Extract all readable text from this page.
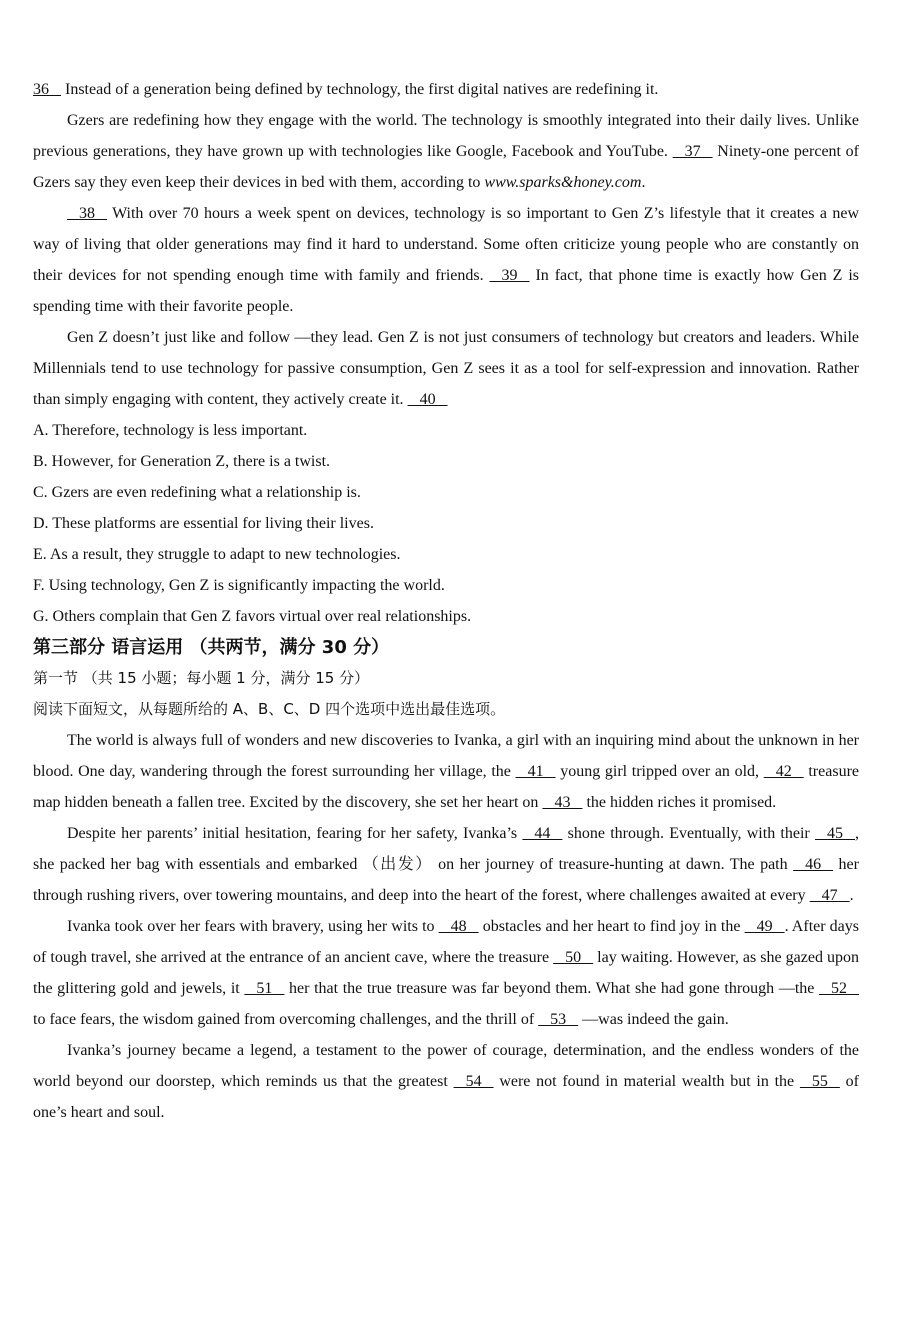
36    Instead of a generation being defined by technology, the first digital natives are redefining it.

Gzers are redefining how they engage with the world. The technology is smoothly integrated into their daily lives. Unlike previous generations, they have grown up with technologies like Google, Facebook and YouTube.    37    Ninety-one percent of Gzers say they even keep their devices in bed with them, according to www.sparks&honey.com.

38    With over 70 hours a week spent on devices, technology is so important to Gen Z’s lifestyle that it creates a new way of living that older generations may find it hard to understand. Some often criticize young people who are constantly on their devices for not spending enough time with family and friends.    39    In fact, that phone time is exactly how Gen Z is spending time with their favorite people.

Gen Z doesn’t just like and follow —they lead. Gen Z is not just consumers of technology but creators and leaders. While Millennials tend to use technology for passive consumption, Gen Z sees it as a tool for self-expression and innovation. Rather than simply engaging with content, they actively create it.    40

A. Therefore, technology is less important.
B. However, for Generation Z, there is a twist.
C. Gzers are even redefining what a relationship is.
D. These platforms are essential for living their lives.
E. As a result, they struggle to adapt to new technologies.
F. Using technology, Gen Z is significantly impacting the world.
G. Others complain that Gen Z favors virtual over real relationships.
第三部分 语言运用 （共两节，满分 30 分）
第一节 （共 15 小题；每小题 1 分，满分 15 分）
阅读下面短文，从每题所给的 A、B、C、D 四个选项中选出最佳选项。

The world is always full of wonders and new discoveries to Ivanka, a girl with an inquiring mind about the unknown in her blood. One day, wandering through the forest surrounding her village, the    41    young girl tripped over an old,    42    treasure map hidden beneath a fallen tree. Excited by the discovery, she set her heart on    43    the hidden riches it promised.

Despite her parents’ initial hesitation, fearing for her safety, Ivanka’s    44    shone through. Eventually, with their    45   , she packed her bag with essentials and embarked （出发） on her journey of treasure-hunting at dawn. The path    46    her through rushing rivers, over towering mountains, and deep into the heart of the forest, where challenges awaited at every    47   .

Ivanka took over her fears with bravery, using her wits to    48    obstacles and her heart to find joy in the    49   . After days of tough travel, she arrived at the entrance of an ancient cave, where the treasure    50    lay waiting. However, as she gazed upon the glittering gold and jewels, it    51    her that the true treasure was far beyond them. What she had gone through —the    52    to face fears, the wisdom gained from overcoming challenges, and the thrill of    53    —was indeed the gain.

Ivanka’s journey became a legend, a testament to the power of courage, determination, and the endless wonders of the world beyond our doorstep, which reminds us that the greatest    54    were not found in material wealth but in the    55    of one’s heart and soul.
